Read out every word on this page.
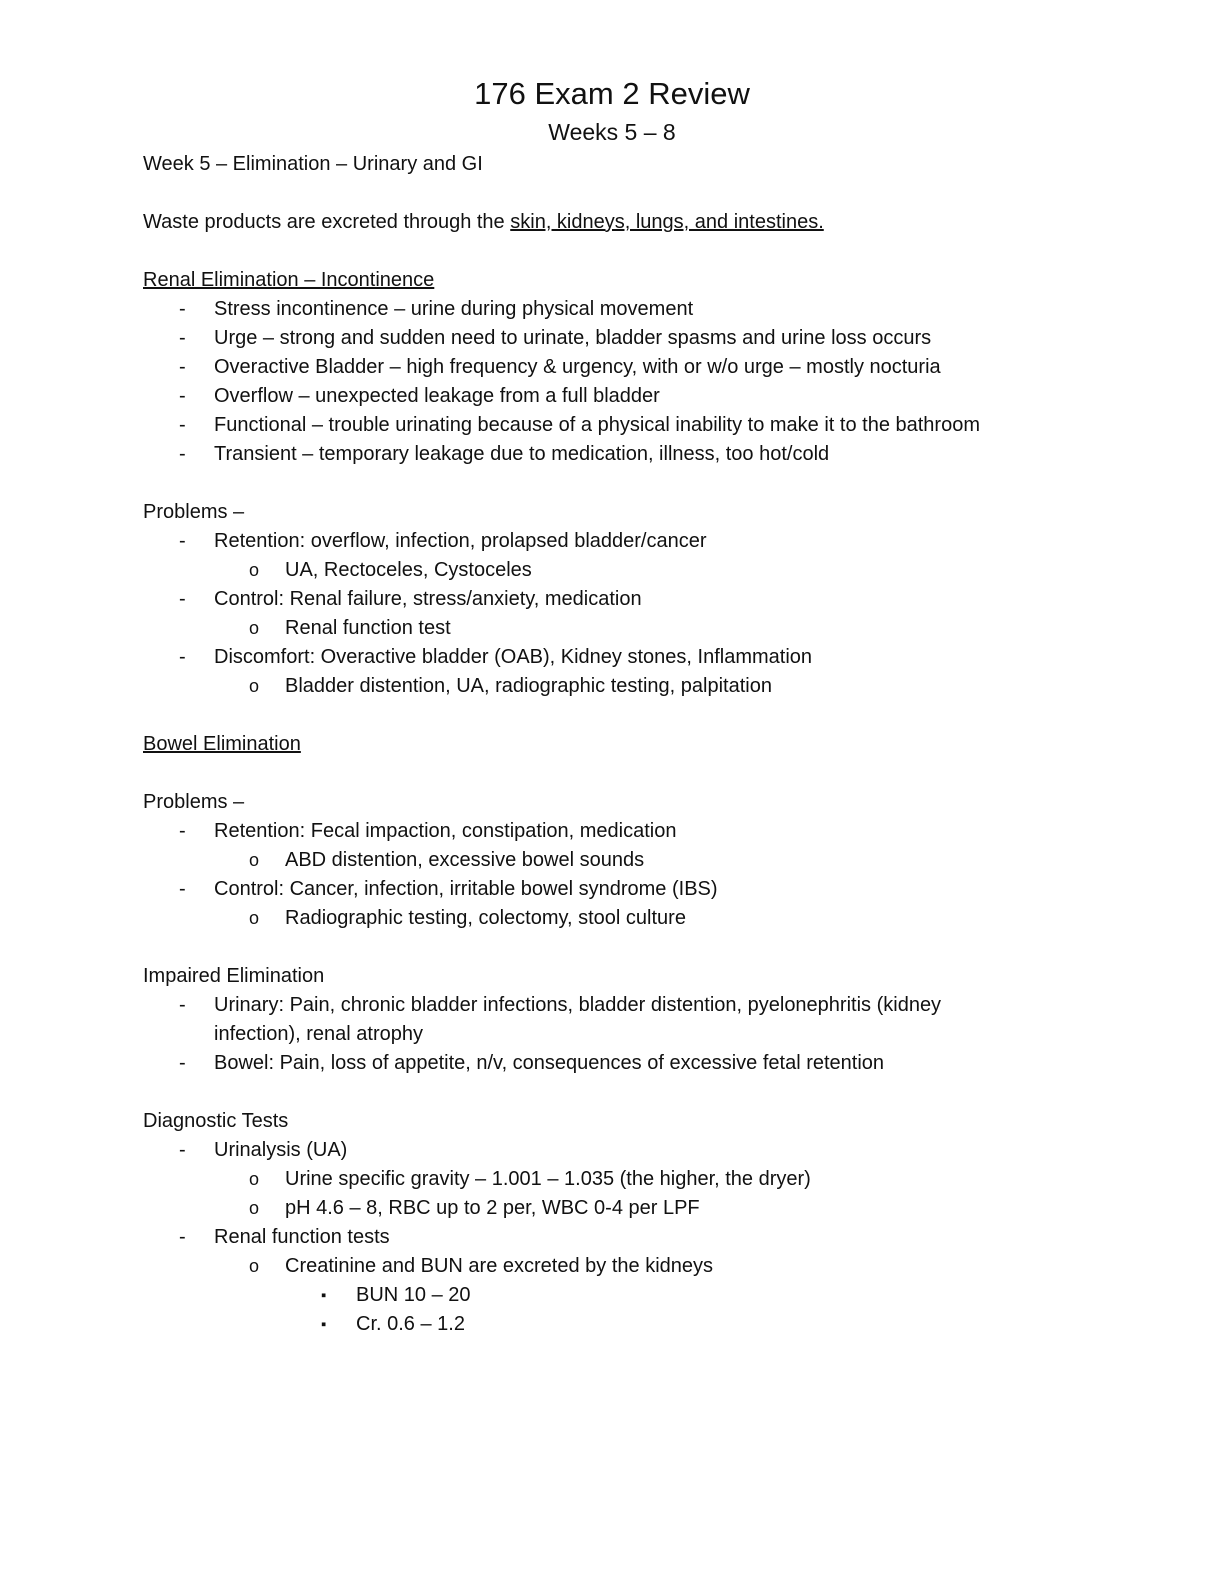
176 Exam 2 Review
Weeks 5 – 8
Week 5 – Elimination – Urinary and GI
Waste products are excreted through the skin, kidneys, lungs, and intestines.
Renal Elimination – Incontinence
- Stress incontinence – urine during physical movement
- Urge – strong and sudden need to urinate, bladder spasms and urine loss occurs
- Overactive Bladder – high frequency & urgency, with or w/o urge – mostly nocturia
- Overflow – unexpected leakage from a full bladder
- Functional – trouble urinating because of a physical inability to make it to the bathroom
- Transient – temporary leakage due to medication, illness, too hot/cold
Problems –
- Retention: overflow, infection, prolapsed bladder/cancer
o UA, Rectoceles, Cystoceles
- Control: Renal failure, stress/anxiety, medication
o Renal function test
- Discomfort: Overactive bladder (OAB), Kidney stones, Inflammation
o Bladder distention, UA, radiographic testing, palpitation
Bowel Elimination
Problems –
- Retention: Fecal impaction, constipation, medication
o ABD distention, excessive bowel sounds
- Control: Cancer, infection, irritable bowel syndrome (IBS)
o Radiographic testing, colectomy, stool culture
Impaired Elimination
- Urinary: Pain, chronic bladder infections, bladder distention, pyelonephritis (kidney
infection), renal atrophy
- Bowel: Pain, loss of appetite, n/v, consequences of excessive fetal retention
Diagnostic Tests
- Urinalysis (UA)
o Urine specific gravity – 1.001 – 1.035 (the higher, the dryer)
o pH 4.6 – 8, RBC up to 2 per, WBC 0-4 per LPF
- Renal function tests
o Creatinine and BUN are excreted by the kidneys
▪ BUN 10 – 20
▪ Cr. 0.6 – 1.2
